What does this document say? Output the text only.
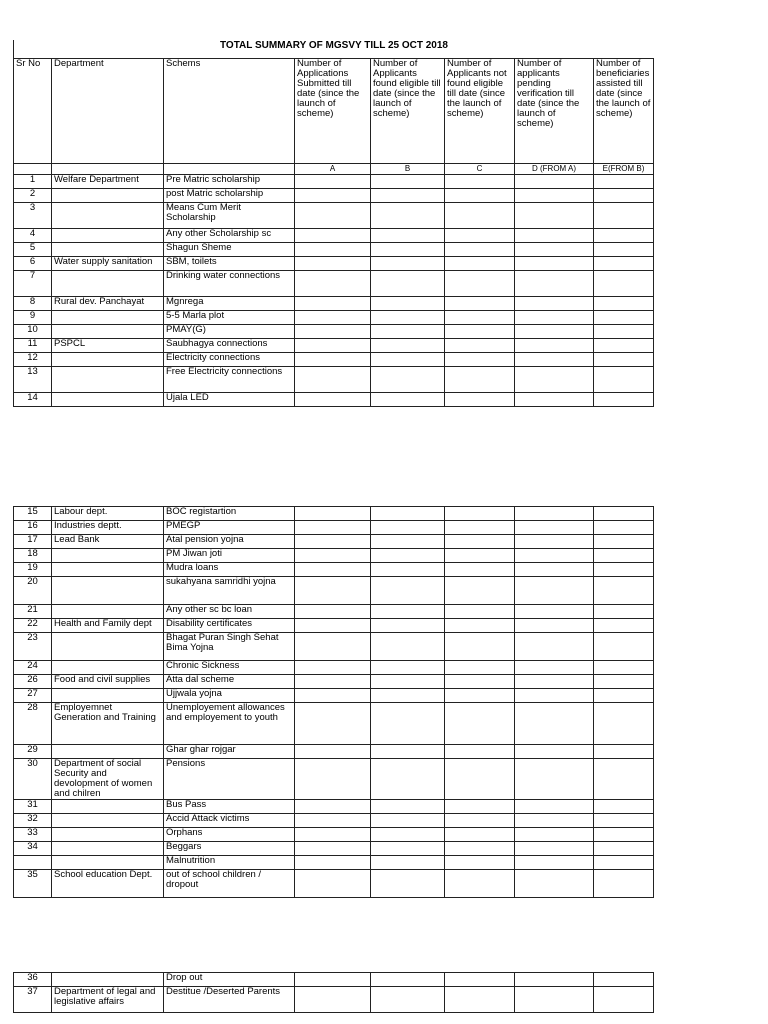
TOTAL SUMMARY OF MGSVY TILL 25 OCT 2018
Sr No	Department	Schems	Number of Applications Submitted till date (since the launch of scheme)	Number of Applicants found eligible till date (since the launch of scheme)	Number of Applicants not found eligible till date (since the launch of scheme)	Number of applicants pending verification till date (since the launch of scheme)	Number of beneficiaries assisted till date (since the launch of scheme)
			A	B	C	D (FROM A)	E(FROM B)
1	Welfare Department	Pre Matric scholarship					
2		post Matric scholarship					
3		Means Cum Merit Scholarship					
4		Any other Scholarship sc					
5		Shagun Sheme					
6	Water supply sanitation	SBM, toilets					
7		Drinking water connections					
8	Rural dev. Panchayat	Mgnrega					
9		5-5 Marla plot					
10		PMAY(G)					
11	PSPCL	Saubhagya connections					
12		Electricity connections					
13		Free Electricity connections					
14		Ujala LED					
15	Labour dept.	BOC registartion					
16	Industries deptt.	PMEGP					
17	Lead Bank	Atal pension yojna					
18		PM Jiwan joti					
19		Mudra loans					
20		sukahyana samridhi yojna					
21		Any other sc bc loan					
22	Health and Family dept	Disability certificates					
23		Bhagat Puran Singh Sehat Bima Yojna					
24		Chronic Sickness					
26	Food and civil supplies	Atta dal scheme					
27		Ujjwala yojna					
28	Employemnet Generation and Training	Unemployement allowances and employement to youth					
29		Ghar ghar rojgar					
30	Department of social Security and devolopment of women and chilren	Pensions					
31		Bus Pass					
32		Accid Attack victims					
33		Orphans					
34		Beggars					
		Malnutrition					
35	School education Dept.	out of school children / dropout					
36		Drop out					
37	Department of legal and legislative affairs	Destitue /Deserted Parents					
